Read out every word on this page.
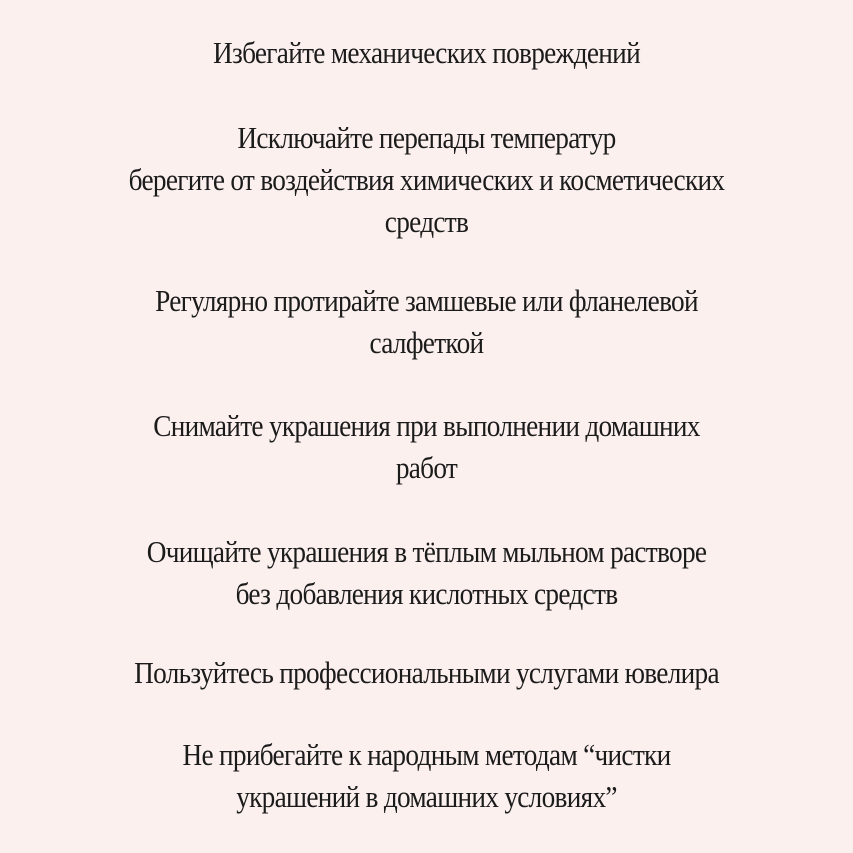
Избегайте механических повреждений

Исключайте перепады температур
берегите от воздействия химических и косметических
средств

Регулярно протирайте замшевые или фланелевой
салфеткой

Снимайте украшения при выполнении домашних
работ

Очищайте украшения в тёплым мыльном растворе
без добавления кислотных средств

Пользуйтесь профессиональными услугами ювелира

Не прибегайте к народным методам “чистки
украшений в домашних условиях”
